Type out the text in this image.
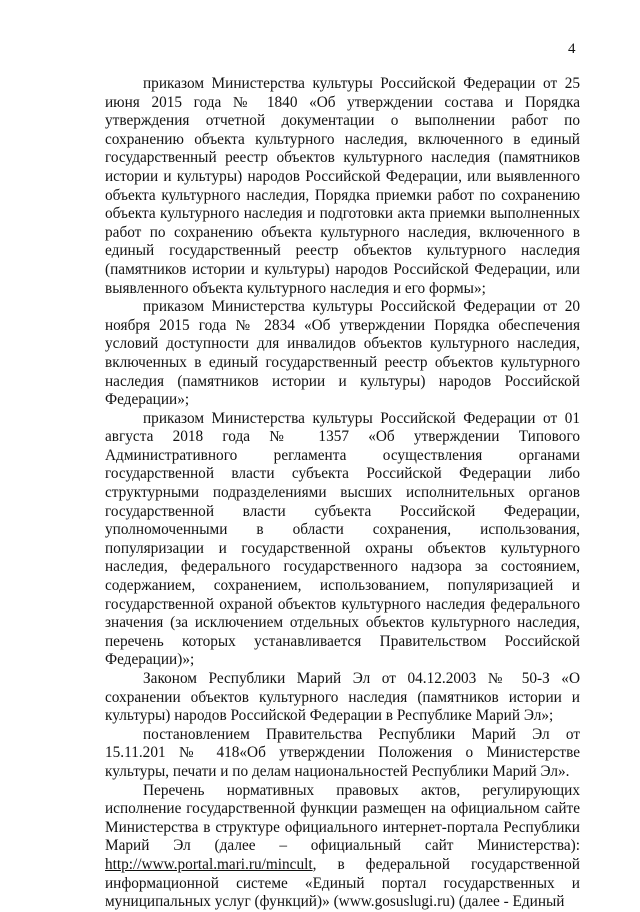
4

приказом Министерства культуры Российской Федерации от 25 июня 2015 года № 1840 «Об утверждении состава и Порядка утверждения отчетной документации о выполнении работ по сохранению объекта культурного наследия, включенного в единый государственный реестр объектов культурного наследия (памятников истории и культуры) народов Российской Федерации, или выявленного объекта культурного наследия, Порядка приемки работ по сохранению объекта культурного наследия и подготовки акта приемки выполненных работ по сохранению объекта культурного наследия, включенного в единый государственный реестр объектов культурного наследия (памятников истории и культуры) народов Российской Федерации, или выявленного объекта культурного наследия и его формы»;

приказом Министерства культуры Российской Федерации от 20 ноября 2015 года № 2834 «Об утверждении Порядка обеспечения условий доступности для инвалидов объектов культурного наследия, включенных в единый государственный реестр объектов культурного наследия (памятников истории и культуры) народов Российской Федерации»;

приказом Министерства культуры Российской Федерации от 01 августа 2018 года № 1357 «Об утверждении Типового Административного регламента осуществления органами государственной власти субъекта Российской Федерации либо структурными подразделениями высших исполнительных органов государственной власти субъекта Российской Федерации, уполномоченными в области сохранения, использования, популяризации и государственной охраны объектов культурного наследия, федерального государственного надзора за состоянием, содержанием, сохранением, использованием, популяризацией и государственной охраной объектов культурного наследия федерального значения (за исключением отдельных объектов культурного наследия, перечень которых устанавливается Правительством Российской Федерации)»;

Законом Республики Марий Эл от 04.12.2003 № 50-З «О сохранении объектов культурного наследия (памятников истории и культуры) народов Российской Федерации в Республике Марий Эл»;

постановлением Правительства Республики Марий Эл от 15.11.201 № 418«Об утверждении Положения о Министерстве культуры, печати и по делам национальностей Республики Марий Эл».

Перечень нормативных правовых актов, регулирующих исполнение государственной функции размещен на официальном сайте Министерства в структуре официального интернет-портала Республики Марий Эл (далее – официальный сайт Министерства): http://www.portal.mari.ru/mincult, в федеральной государственной информационной системе «Единый портал государственных и муниципальных услуг (функций)» (www.gosuslugi.ru) (далее - Единый
